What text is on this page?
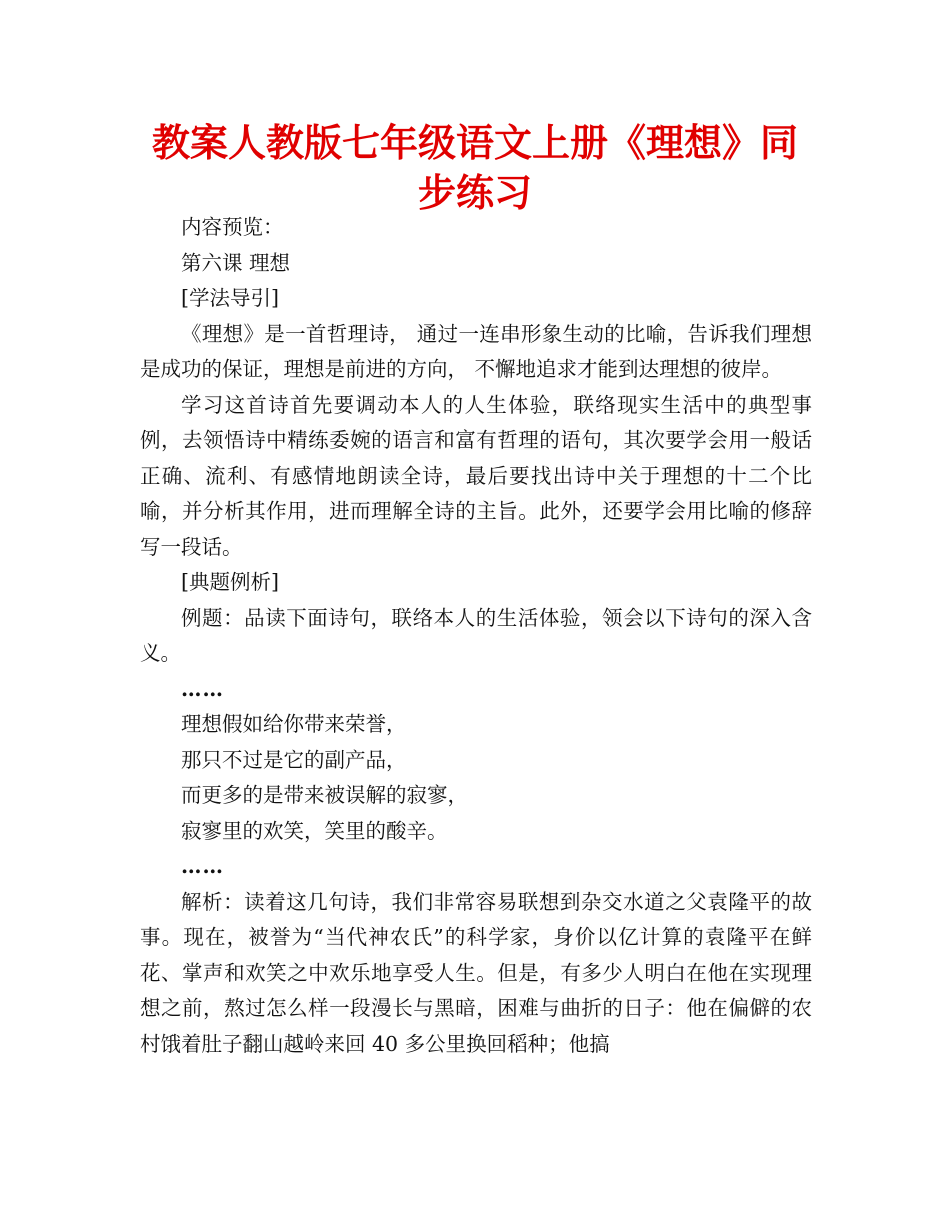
教案人教版七年级语文上册《理想》同步练习

内容预览：

第六课 理想

[学法导引]

《理想》是一首哲理诗， 通过一连串形象生动的比喻，告诉我们理想是成功的保证，理想是前进的方向， 不懈地追求才能到达理想的彼岸。

学习这首诗首先要调动本人的人生体验，联络现实生活中的典型事例，去领悟诗中精练委婉的语言和富有哲理的语句，其次要学会用一般话正确、流利、有感情地朗读全诗，最后要找出诗中关于理想的十二个比喻，并分析其作用，进而理解全诗的主旨。此外，还要学会用比喻的修辞写一段话。

[典题例析]

例题：品读下面诗句，联络本人的生活体验，领会以下诗句的深入含义。

……

理想假如给你带来荣誉，

那只不过是它的副产品，

而更多的是带来被误解的寂寥，

寂寥里的欢笑，笑里的酸辛。

……

解析：读着这几句诗，我们非常容易联想到杂交水道之父袁隆平的故事。现在，被誉为“当代神农氏”的科学家，身价以亿计算的袁隆平在鲜花、掌声和欢笑之中欢乐地享受人生。但是，有多少人明白在他在实现理想之前，熬过怎么样一段漫长与黑暗，困难与曲折的日子：他在偏僻的农村饿着肚子翻山越岭来回 40 多公里换回稻种；他搞
